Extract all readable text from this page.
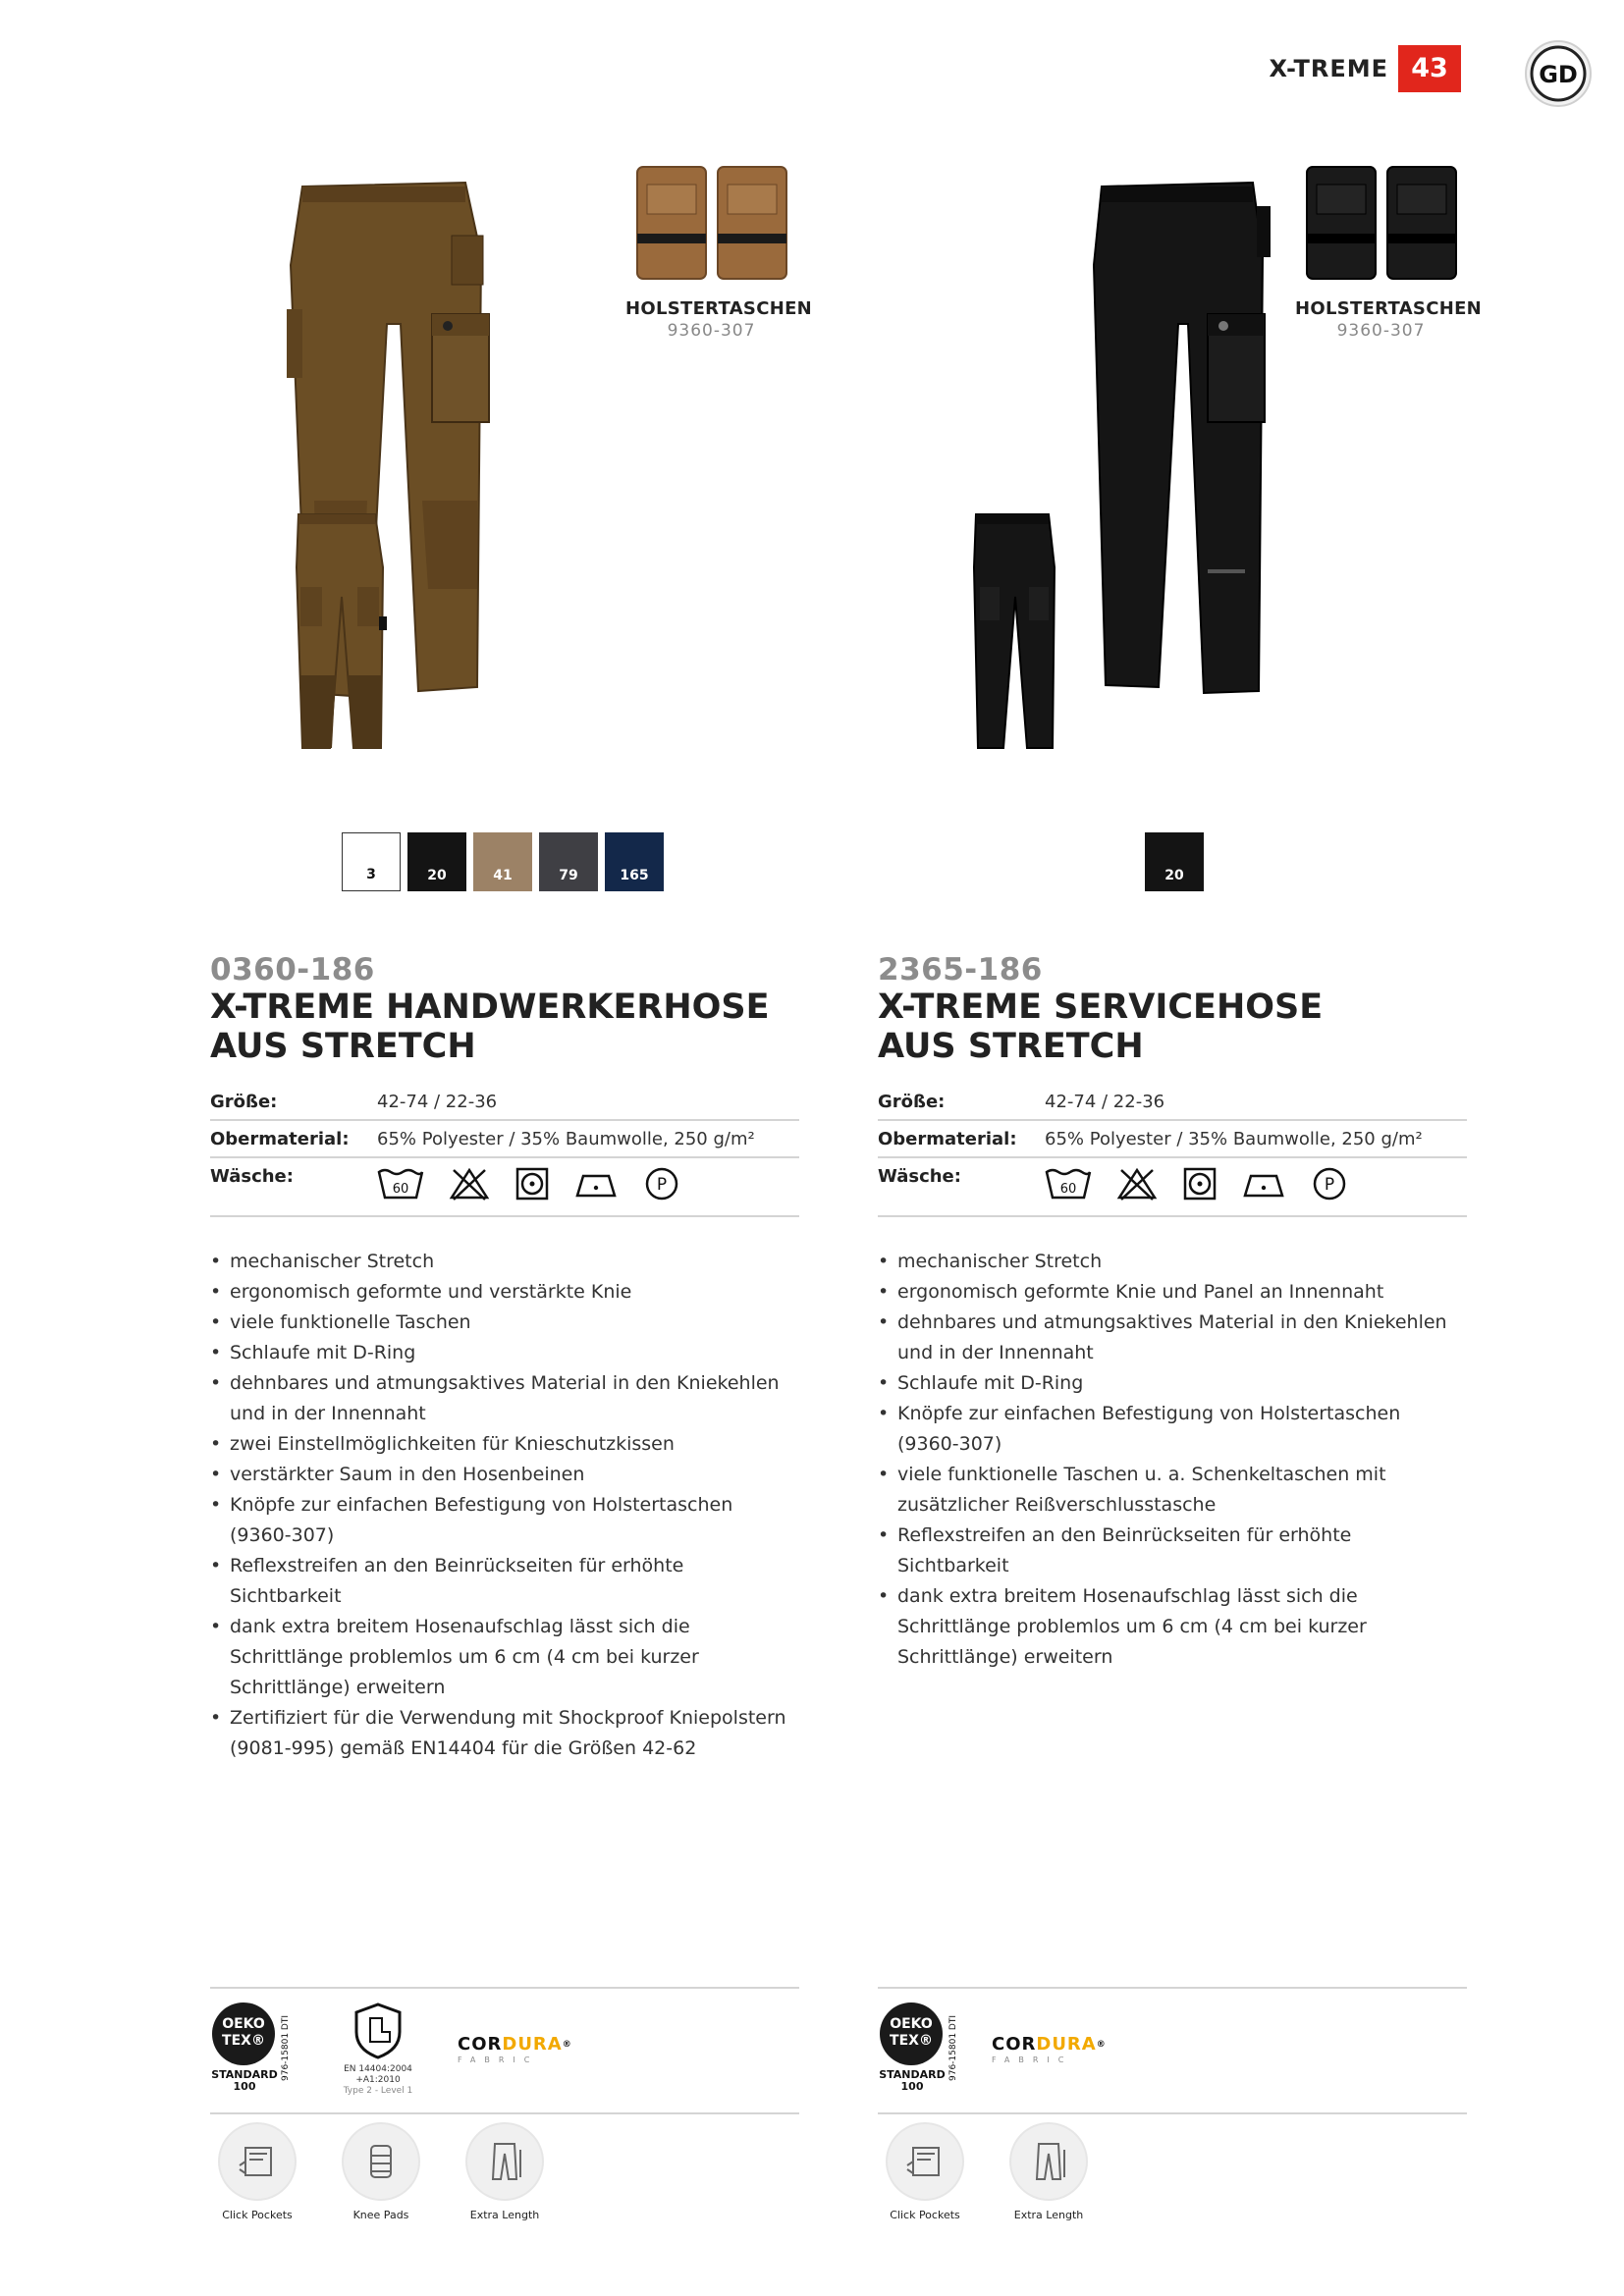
X-TREME 43	GD
HOLSTERTASCHEN
9360-307
3	20	41	79	165
0360-186
X-TREME HANDWERKERHOSE
AUS STRETCH
Größe:	42-74 / 22-36
Obermaterial:	65% Polyester / 35% Baumwolle, 250 g/m²
Wäsche:
60	P
• mechanischer Stretch
• ergonomisch geformte und verstärkte Knie
• viele funktionelle Taschen
• Schlaufe mit D-Ring
• dehnbares und atmungsaktives Material in den Kniekehlen und in der Innennaht
• zwei Einstellmöglichkeiten für Knieschutzkissen
• verstärkter Saum in den Hosenbeinen
• Knöpfe zur einfachen Befestigung von Holstertaschen (9360-307)
• Reflexstreifen an den Beinrückseiten für erhöhte Sichtbarkeit
• dank extra breitem Hosenaufschlag lässt sich die Schrittlänge problemlos um 6 cm (4 cm bei kurzer Schrittlänge) erweitern
• Zertifiziert für die Verwendung mit Shockproof Kniepolstern (9081-995) gemäß EN14404 für die Größen 42-62
OEKO
TEX®
STANDARD
100
976-15801 DTI
EN 14404:2004
+A1:2010
Type 2 - Level 1
CORDURA®
FABRIC
Click Pockets	Knee Pads	Extra Length
HOLSTERTASCHEN
9360-307
20
2365-186
X-TREME SERVICEHOSE
AUS STRETCH
Größe:	42-74 / 22-36
Obermaterial:	65% Polyester / 35% Baumwolle, 250 g/m²
Wäsche:
60	P
• mechanischer Stretch
• ergonomisch geformte Knie und Panel an Innennaht
• dehnbares und atmungsaktives Material in den Kniekehlen und in der Innennaht
• Schlaufe mit D-Ring
• Knöpfe zur einfachen Befestigung von Holstertaschen (9360-307)
• viele funktionelle Taschen u. a. Schenkeltaschen mit zusätzlicher Reißverschlusstasche
• Reflexstreifen an den Beinrückseiten für erhöhte Sichtbarkeit
• dank extra breitem Hosenaufschlag lässt sich die Schrittlänge problemlos um 6 cm (4 cm bei kurzer Schrittlänge) erweitern
OEKO
TEX®
STANDARD
100
976-15801 DTI
CORDURA®
FABRIC
Click Pockets	Extra Length
